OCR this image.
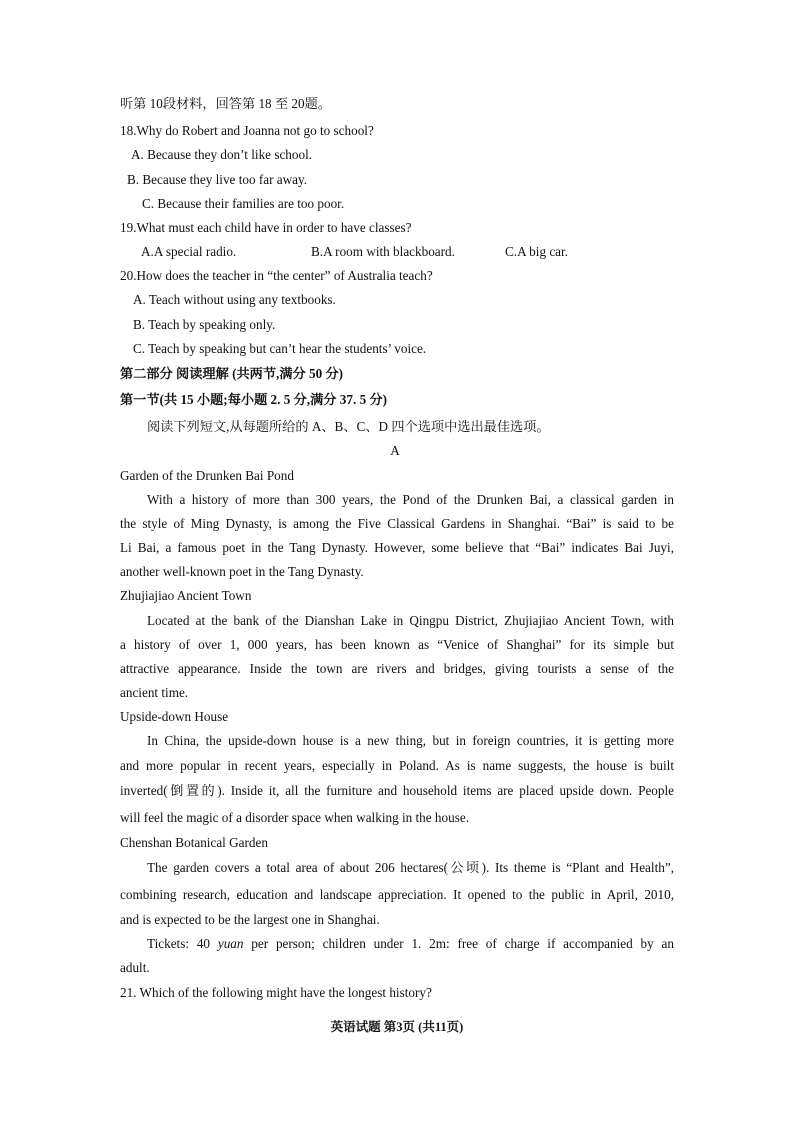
听第 10段材料，回答第 18 至 20题。
18.Why do Robert and Joanna not go to school?
A. Because they don’t like school.
B. Because they live too far away.
C. Because their families are too poor.
19.What must each child have in order to have classes?
A.A special radio.	B.A room with blackboard.	C.A big car.
20.How does the teacher in “the center” of Australia teach?
A. Teach without using any textbooks.
B. Teach by speaking only.
C. Teach by speaking but can’t hear the students’ voice.
第二部分 阅读理解 (共两节,满分 50 分)
第一节(共 15 小题;每小题 2. 5 分,满分 37. 5 分)
阅读下列短文,从每题所给的 A、B、C、D 四个选项中选出最佳选项。
A
Garden of the Drunken Bai Pond
With a history of more than 300 years, the Pond of the Drunken Bai, a classical garden in
the style of Ming Dynasty, is among the Five Classical Gardens in Shanghai. “Bai” is said to be
Li Bai, a famous poet in the Tang Dynasty. However, some believe that “Bai” indicates Bai Juyi,
another well-known poet in the Tang Dynasty.
Zhujiajiao Ancient Town
Located at the bank of the Dianshan Lake in Qingpu District, Zhujiajiao Ancient Town, with
a history of over 1, 000 years, has been known as “Venice of Shanghai” for its simple but
attractive appearance. Inside the town are rivers and bridges, giving tourists a sense of the
ancient time.
Upside-down House
In China, the upside-down house is a new thing, but in foreign countries, it is getting more
and more popular in recent years, especially in Poland. As is name suggests, the house is built
inverted(倒置的). Inside it, all the furniture and household items are placed upside down. People
will feel the magic of a disorder space when walking in the house.
Chenshan Botanical Garden
The garden covers a total area of about 206 hectares(公顷). Its theme is “Plant and Health”,
combining research, education and landscape appreciation. It opened to the public in April, 2010,
and is expected to be the largest one in Shanghai.
Tickets: 40 yuan per person; children under 1. 2m: free of charge if accompanied by an
adult.
21. Which of the following might have the longest history?
英语试题 第3页 (共11页)
